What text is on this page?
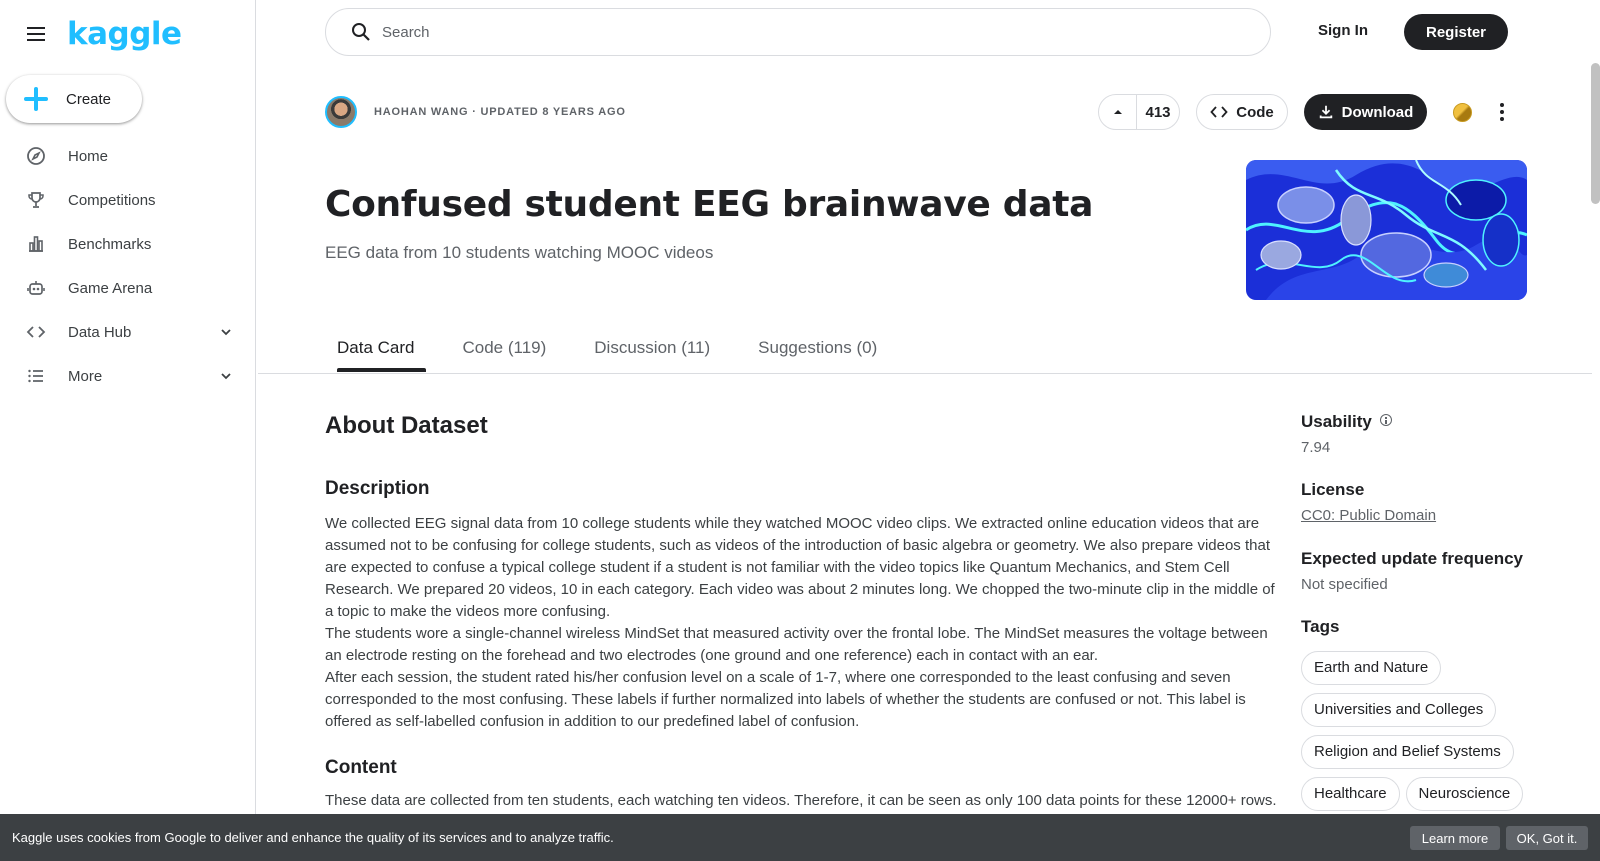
kaggle
Create
Home
Competitions
Benchmarks
Game Arena
Data Hub
More
Search
Sign In	Register
HAOHAN WANG · UPDATED 8 YEARS AGO	413	Code	Download
Confused student EEG brainwave data
EEG data from 10 students watching MOOC videos
Data Card	Code (119)	Discussion (11)	Suggestions (0)
About Dataset
Description

We collected EEG signal data from 10 college students while they watched MOOC video clips. We extracted online education videos that are assumed not to be confusing for college students, such as videos of the introduction of basic algebra or geometry. We also prepare videos that are expected to confuse a typical college student if a student is not familiar with the video topics like Quantum Mechanics, and Stem Cell Research. We prepared 20 videos, 10 in each category. Each video was about 2 minutes long. We chopped the two-minute clip in the middle of a topic to make the videos more confusing.

The students wore a single-channel wireless MindSet that measured activity over the frontal lobe. The MindSet measures the voltage between an electrode resting on the forehead and two electrodes (one ground and one reference) each in contact with an ear.

After each session, the student rated his/her confusion level on a scale of 1-7, where one corresponded to the least confusing and seven corresponded to the most confusing. These labels if further normalized into labels of whether the students are confused or not. This label is offered as self-labelled confusion in addition to our predefined label of confusion.

Content
These data are collected from ten students, each watching ten videos. Therefore, it can be seen as only 100 data points for these 12000+ rows.
Usability
7.94
License
CC0: Public Domain
Expected update frequency
Not specified
Tags
Earth and Nature
Universities and Colleges
Religion and Belief Systems
Healthcare Neuroscience
Kaggle uses cookies from Google to deliver and enhance the quality of its services and to analyze traffic.	Learn more	OK, Got it.
